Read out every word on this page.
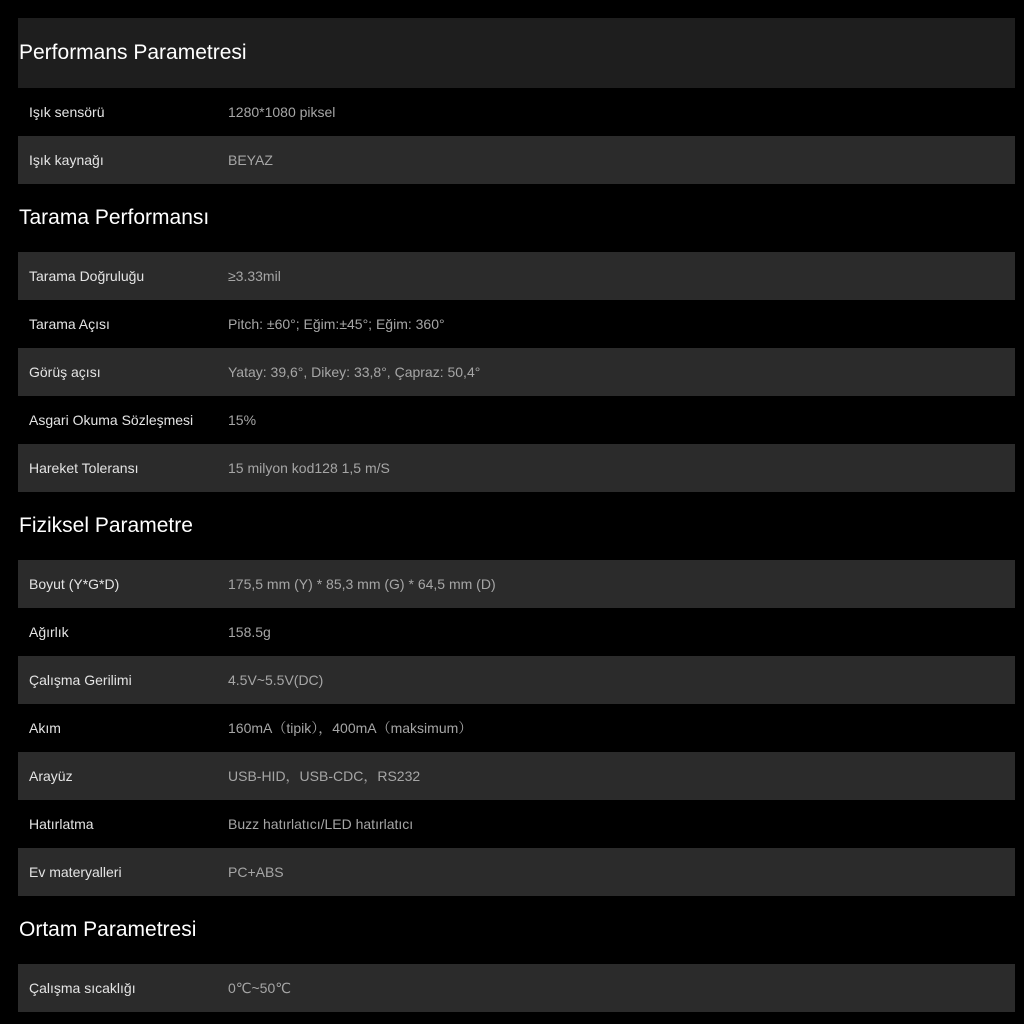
Performans Parametresi
Işık sensörü	1280*1080 piksel
Işık kaynağı	BEYAZ
Tarama Performansı
Tarama Doğruluğu	≥3.33mil
Tarama Açısı	Pitch: ±60°; Eğim:±45°; Eğim: 360°
Görüş açısı	Yatay: 39,6°, Dikey: 33,8°, Çapraz: 50,4°
Asgari Okuma Sözleşmesi	15%
Hareket Toleransı	15 milyon kod128 1,5 m/S
Fiziksel Parametre
Boyut (Y*G*D)	175,5 mm (Y) * 85,3 mm (G) * 64,5 mm (D)
Ağırlık	158.5g
Çalışma Gerilimi	4.5V~5.5V(DC)
Akım	160mA（tipik），400mA（maksimum）
Arayüz	USB-HID，USB-CDC，RS232
Hatırlatma	Buzz hatırlatıcı/LED hatırlatıcı
Ev materyalleri	PC+ABS
Ortam Parametresi
Çalışma sıcaklığı	0℃~50℃
